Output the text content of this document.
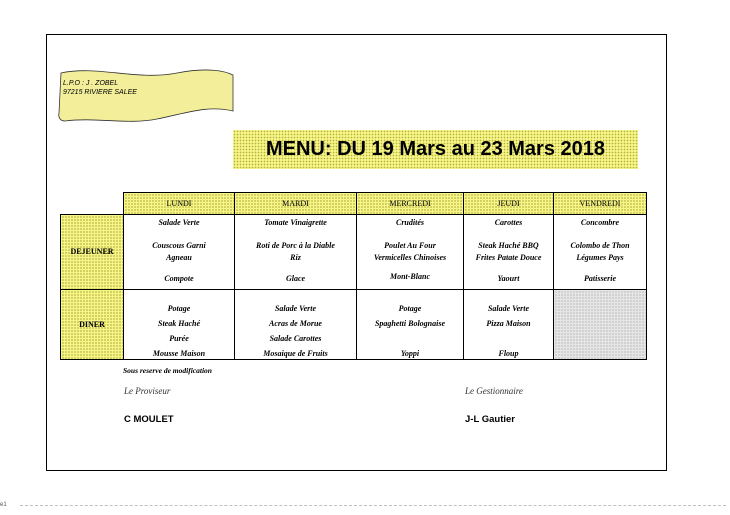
L.P.O : J . ZOBEL
97215 RIVIERE SALEE
MENU: DU 19 Mars au 23 Mars 2018
	LUNDI	MARDI	MERCREDI	JEUDI	VENDREDI
DEJEUNER	Salade Verte
Couscous Garni
Agneau
Compote	Tomate Vinaigrette
Roti de Porc à la Diable
Riz
Glace	Crudités
Poulet Au Four
Vermicelles Chinoises
Mont-Blanc	Carottes
Steak Haché BBQ
Frites Patate Douce
Yaourt	Concombre
Colombo de Thon
Légumes Pays
Patisserie

DINER	Potage
Steak Haché
Purée
Mousse Maison	Salade Verte
Acras de Morue
Salade Carottes
Mosaique de Fruits	Potage
Spaghetti Bolognaise
Yoppi	Salade Verte
Pizza Maison
Floup	

Sous reserve de modification
Le Proviseur
C MOULET
Le Gestionnaire
J-L Gautier
e1
